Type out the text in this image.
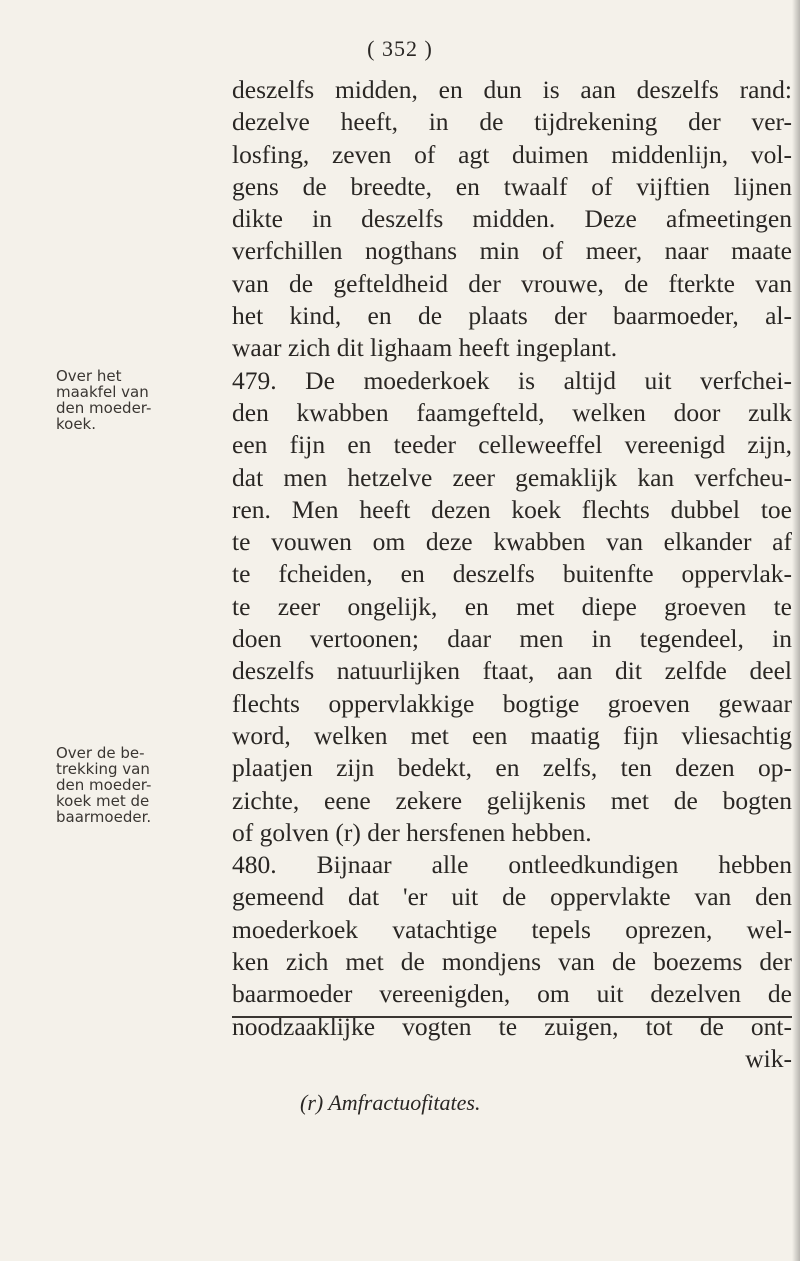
( 352 )
Over het
maakfel van
den moeder-
koek.
Over de be-
trekking van
den moeder-
koek met de
baarmoeder.
deszelfs midden, en dun is aan deszelfs rand:
dezelve heeft, in de tijdrekening der ver-
losfing, zeven of agt duimen middenlijn, vol-
gens de breedte, en twaalf of vijftien lijnen
dikte in deszelfs midden. Deze afmeetingen
verfchillen nogthans min of meer, naar maate
van de gefteldheid der vrouwe, de fterkte van
het kind, en de plaats der baarmoeder, al-
waar zich dit lighaam heeft ingeplant.
479. De moederkoek is altijd uit verfchei-
den kwabben faamgefteld, welken door zulk
een fijn en teeder celleweeffel vereenigd zijn,
dat men hetzelve zeer gemaklijk kan verfcheu-
ren. Men heeft dezen koek flechts dubbel toe
te vouwen om deze kwabben van elkander af
te fcheiden, en deszelfs buitenfte oppervlak-
te zeer ongelijk, en met diepe groeven te
doen vertoonen; daar men in tegendeel, in
deszelfs natuurlijken ftaat, aan dit zelfde deel
flechts oppervlakkige bogtige groeven gewaar
word, welken met een maatig fijn vliesachtig
plaatjen zijn bedekt, en zelfs, ten dezen op-
zichte, eene zekere gelijkenis met de bogten
of golven (r) der hersfenen hebben.
480. Bijnaar alle ontleedkundigen hebben
gemeend dat 'er uit de oppervlakte van den
moederkoek vatachtige tepels oprezen, wel-
ken zich met de mondjens van de boezems der
baarmoeder vereenigden, om uit dezelven de
noodzaaklijke vogten te zuigen, tot de ont-
wik-
(r) Amfractuofitates.
